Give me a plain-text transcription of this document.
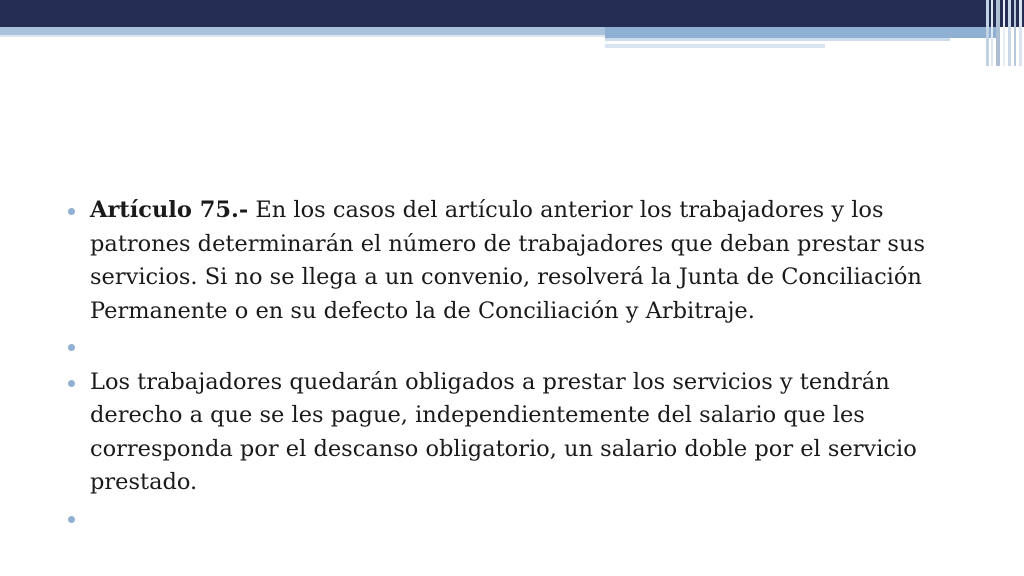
Artículo 75.- En los casos del artículo anterior los trabajadores y los patrones determinarán el número de trabajadores que deban prestar sus servicios. Si no se llega a un convenio, resolverá la Junta de Conciliación Permanente o en su defecto la de Conciliación y Arbitraje.
Los trabajadores quedarán obligados a prestar los servicios y tendrán derecho a que se les pague, independientemente del salario que les corresponda por el descanso obligatorio, un salario doble por el servicio prestado.
